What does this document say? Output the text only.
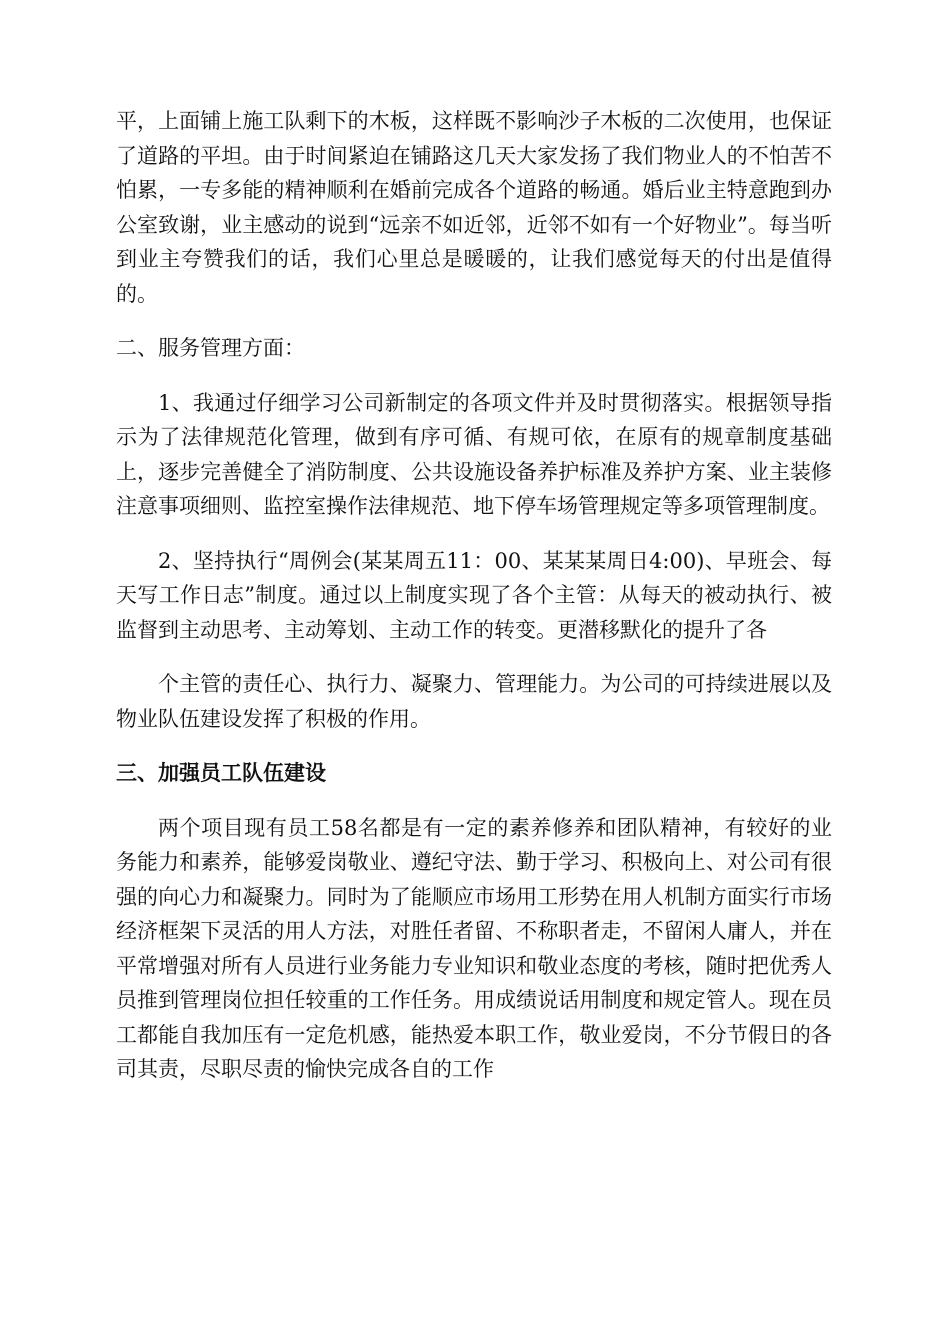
平，上面铺上施工队剩下的木板，这样既不影响沙子木板的二次使用，也保证了道路的平坦。由于时间紧迫在铺路这几天大家发扬了我们物业人的不怕苦不怕累，一专多能的精神顺利在婚前完成各个道路的畅通。婚后业主特意跑到办公室致谢，业主感动的说到“远亲不如近邻，近邻不如有一个好物业”。每当听到业主夸赞我们的话，我们心里总是暖暖的，让我们感觉每天的付出是值得的。

二、服务管理方面：

1、我通过仔细学习公司新制定的各项文件并及时贯彻落实。根据领导指示为了法律规范化管理，做到有序可循、有规可依，在原有的规章制度基础上，逐步完善健全了消防制度、公共设施设备养护标准及养护方案、业主装修注意事项细则、监控室操作法律规范、地下停车场管理规定等多项管理制度。

2、坚持执行“周例会(某某周五11：00、某某某周日4:00)、早班会、每天写工作日志”制度。通过以上制度实现了各个主管：从每天的被动执行、被监督到主动思考、主动筹划、主动工作的转变。更潜移默化的提升了各

个主管的责任心、执行力、凝聚力、管理能力。为公司的可持续进展以及物业队伍建设发挥了积极的作用。

三、加强员工队伍建设

两个项目现有员工58名都是有一定的素养修养和团队精神，有较好的业务能力和素养，能够爱岗敬业、遵纪守法、勤于学习、积极向上、对公司有很强的向心力和凝聚力。同时为了能顺应市场用工形势在用人机制方面实行市场经济框架下灵活的用人方法，对胜任者留、不称职者走，不留闲人庸人，并在平常增强对所有人员进行业务能力专业知识和敬业态度的考核，随时把优秀人员推到管理岗位担任较重的工作任务。用成绩说话用制度和规定管人。现在员工都能自我加压有一定危机感，能热爱本职工作，敬业爱岗，不分节假日的各司其责，尽职尽责的愉快完成各自的工作
